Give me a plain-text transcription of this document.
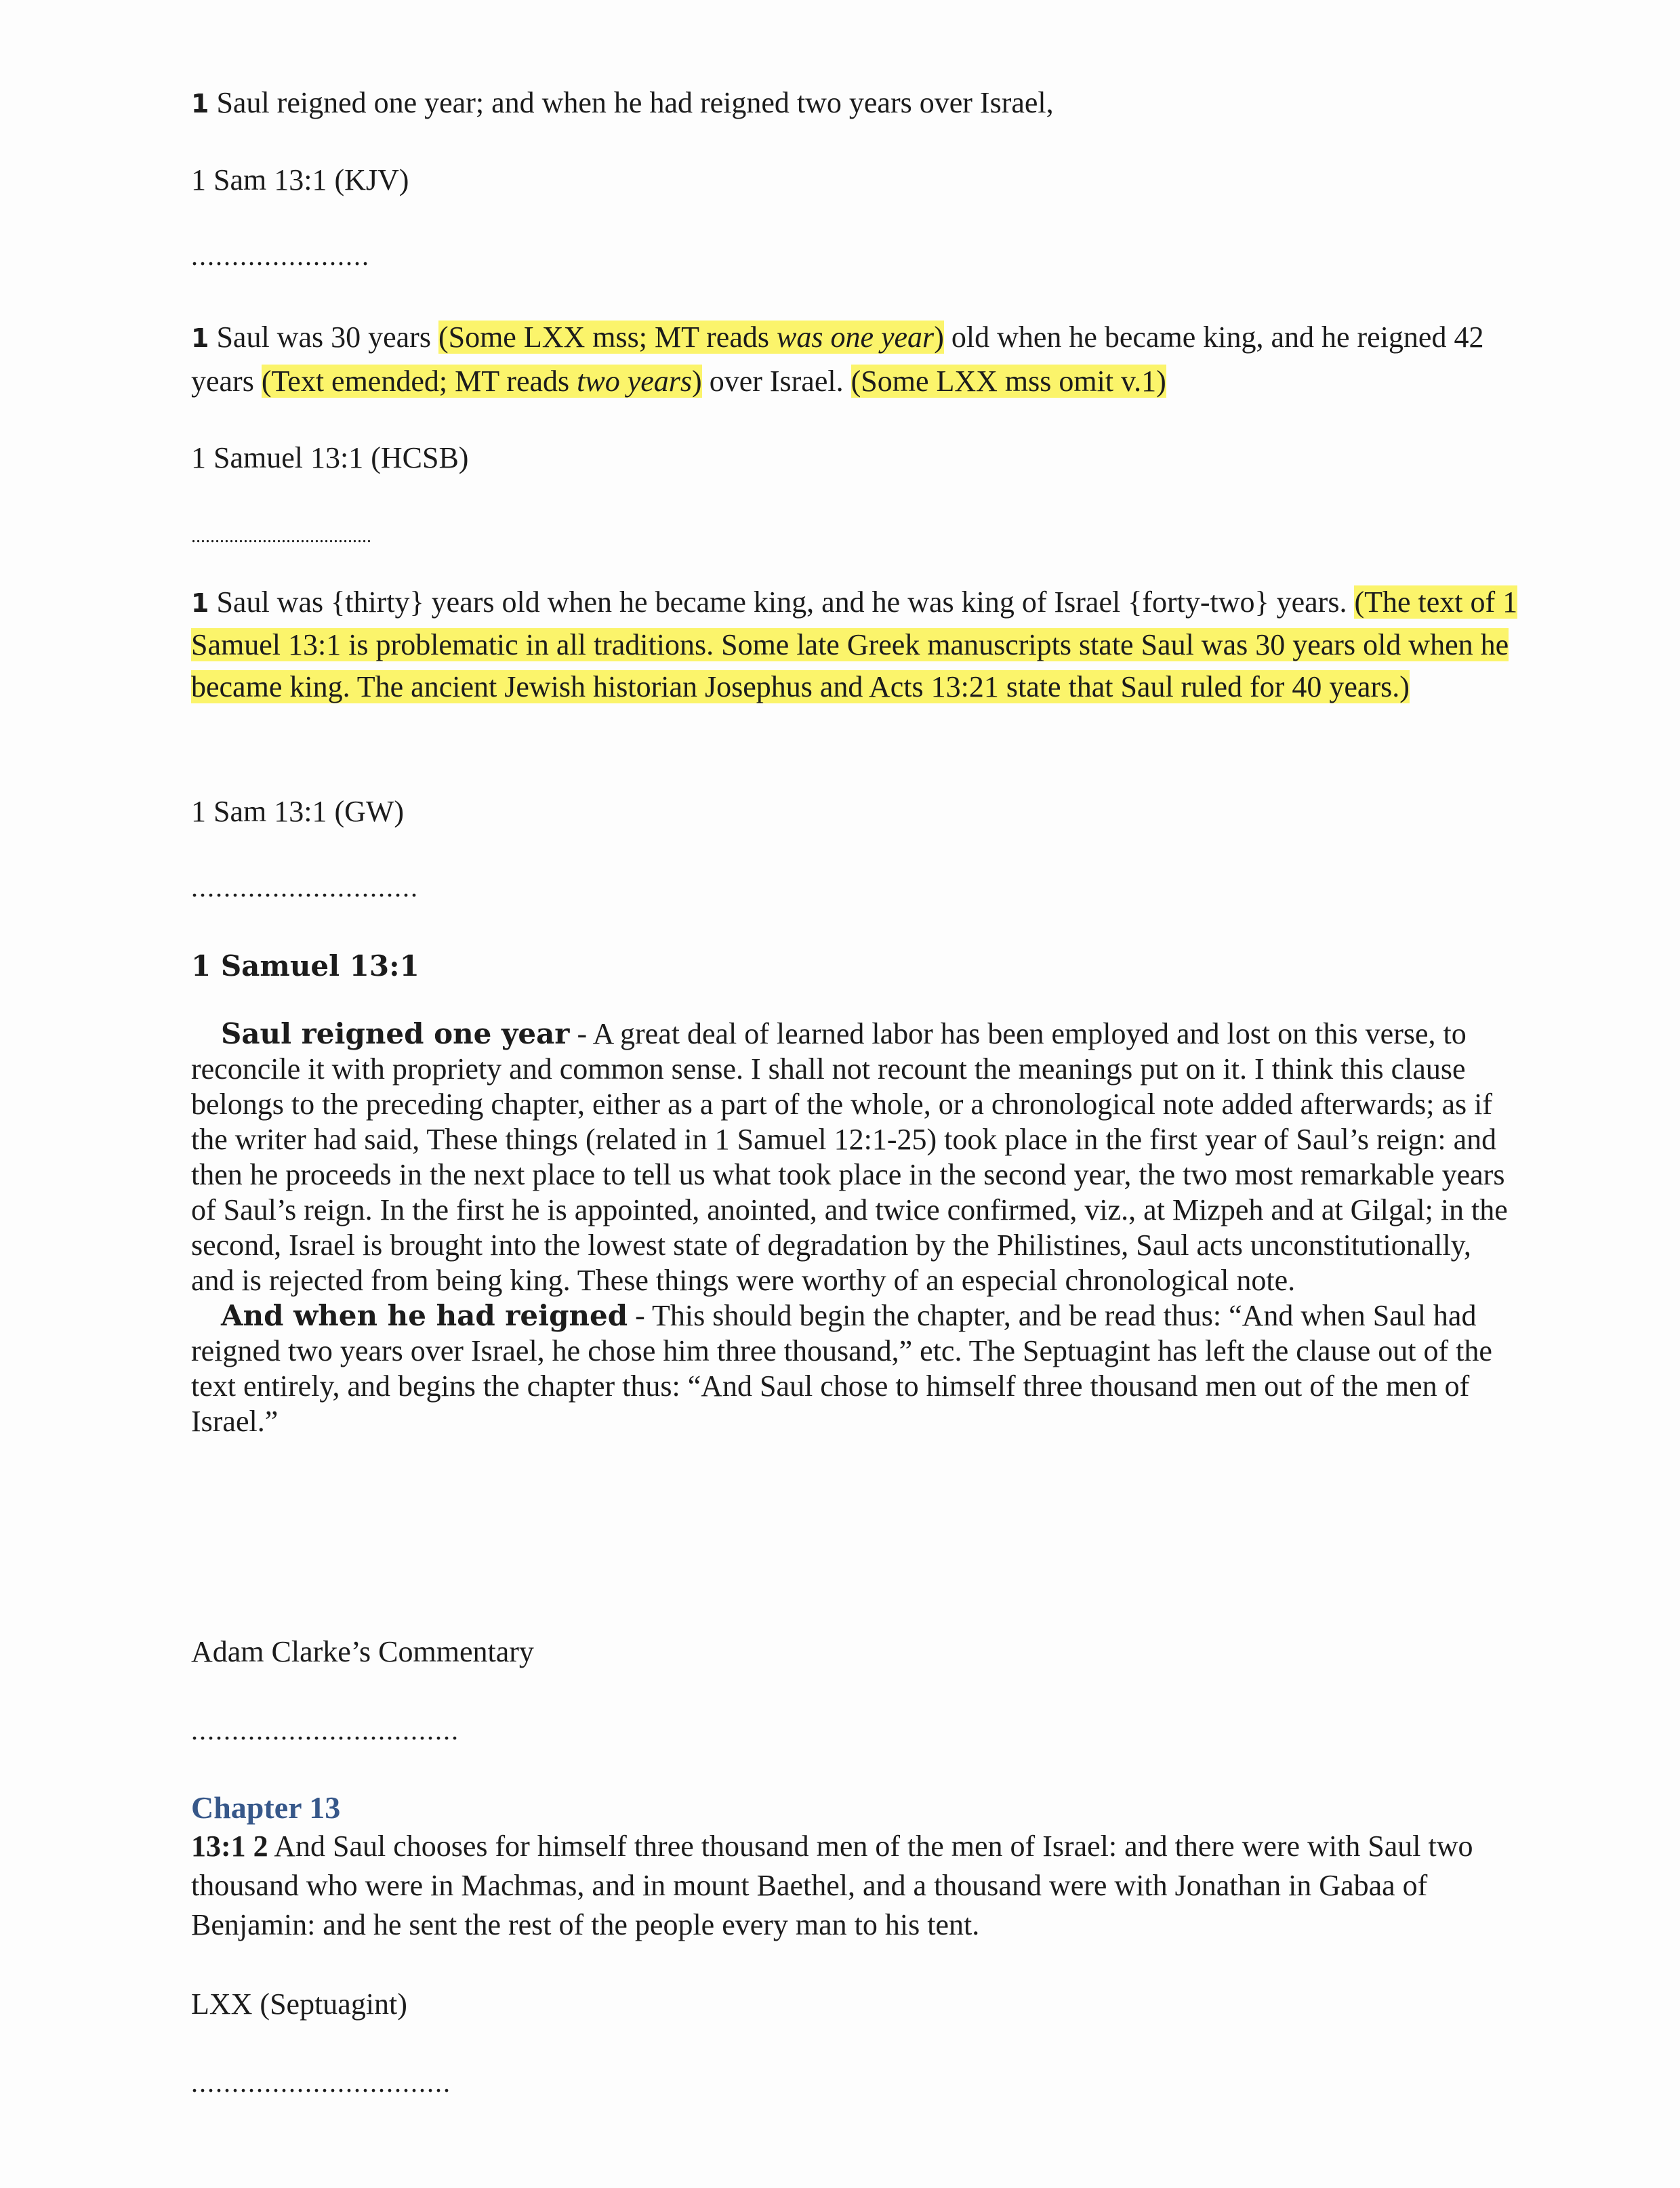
1 Saul reigned one year; and when he had reigned two years over Israel,
1 Sam 13:1 (KJV)
......................
1 Saul was 30 years (Some LXX mss; MT reads was one year) old when he became king, and he reigned 42 years (Text emended; MT reads two years) over Israel. (Some LXX mss omit v.1)
1 Samuel 13:1 (HCSB)
......................................
1 Saul was {thirty} years old when he became king, and he was king of Israel {forty-two} years. (The text of 1 Samuel 13:1 is problematic in all traditions. Some late Greek manuscripts state Saul was 30 years old when he became king. The ancient Jewish historian Josephus and Acts 13:21 state that Saul ruled for 40 years.)
1 Sam 13:1 (GW)
............................
1 Samuel 13:1

Saul reigned one year - A great deal of learned labor has been employed and lost on this verse, to reconcile it with propriety and common sense. I shall not recount the meanings put on it. I think this clause belongs to the preceding chapter, either as a part of the whole, or a chronological note added afterwards; as if the writer had said, These things (related in 1 Samuel 12:1-25) took place in the first year of Saul’s reign: and then he proceeds in the next place to tell us what took place in the second year, the two most remarkable years of Saul’s reign. In the first he is appointed, anointed, and twice confirmed, viz., at Mizpeh and at Gilgal; in the second, Israel is brought into the lowest state of degradation by the Philistines, Saul acts unconstitutionally, and is rejected from being king. These things were worthy of an especial chronological note.

And when he had reigned - This should begin the chapter, and be read thus: “And when Saul had reigned two years over Israel, he chose him three thousand,” etc. The Septuagint has left the clause out of the text entirely, and begins the chapter thus: “And Saul chose to himself three thousand men out of the men of Israel.”

Adam Clarke’s Commentary
.................................
Chapter 13
13:1 2 And Saul chooses for himself three thousand men of the men of Israel: and there were with Saul two thousand who were in Machmas, and in mount Baethel, and a thousand were with Jonathan in Gabaa of Benjamin: and he sent the rest of the people every man to his tent.
LXX (Septuagint)
................................
